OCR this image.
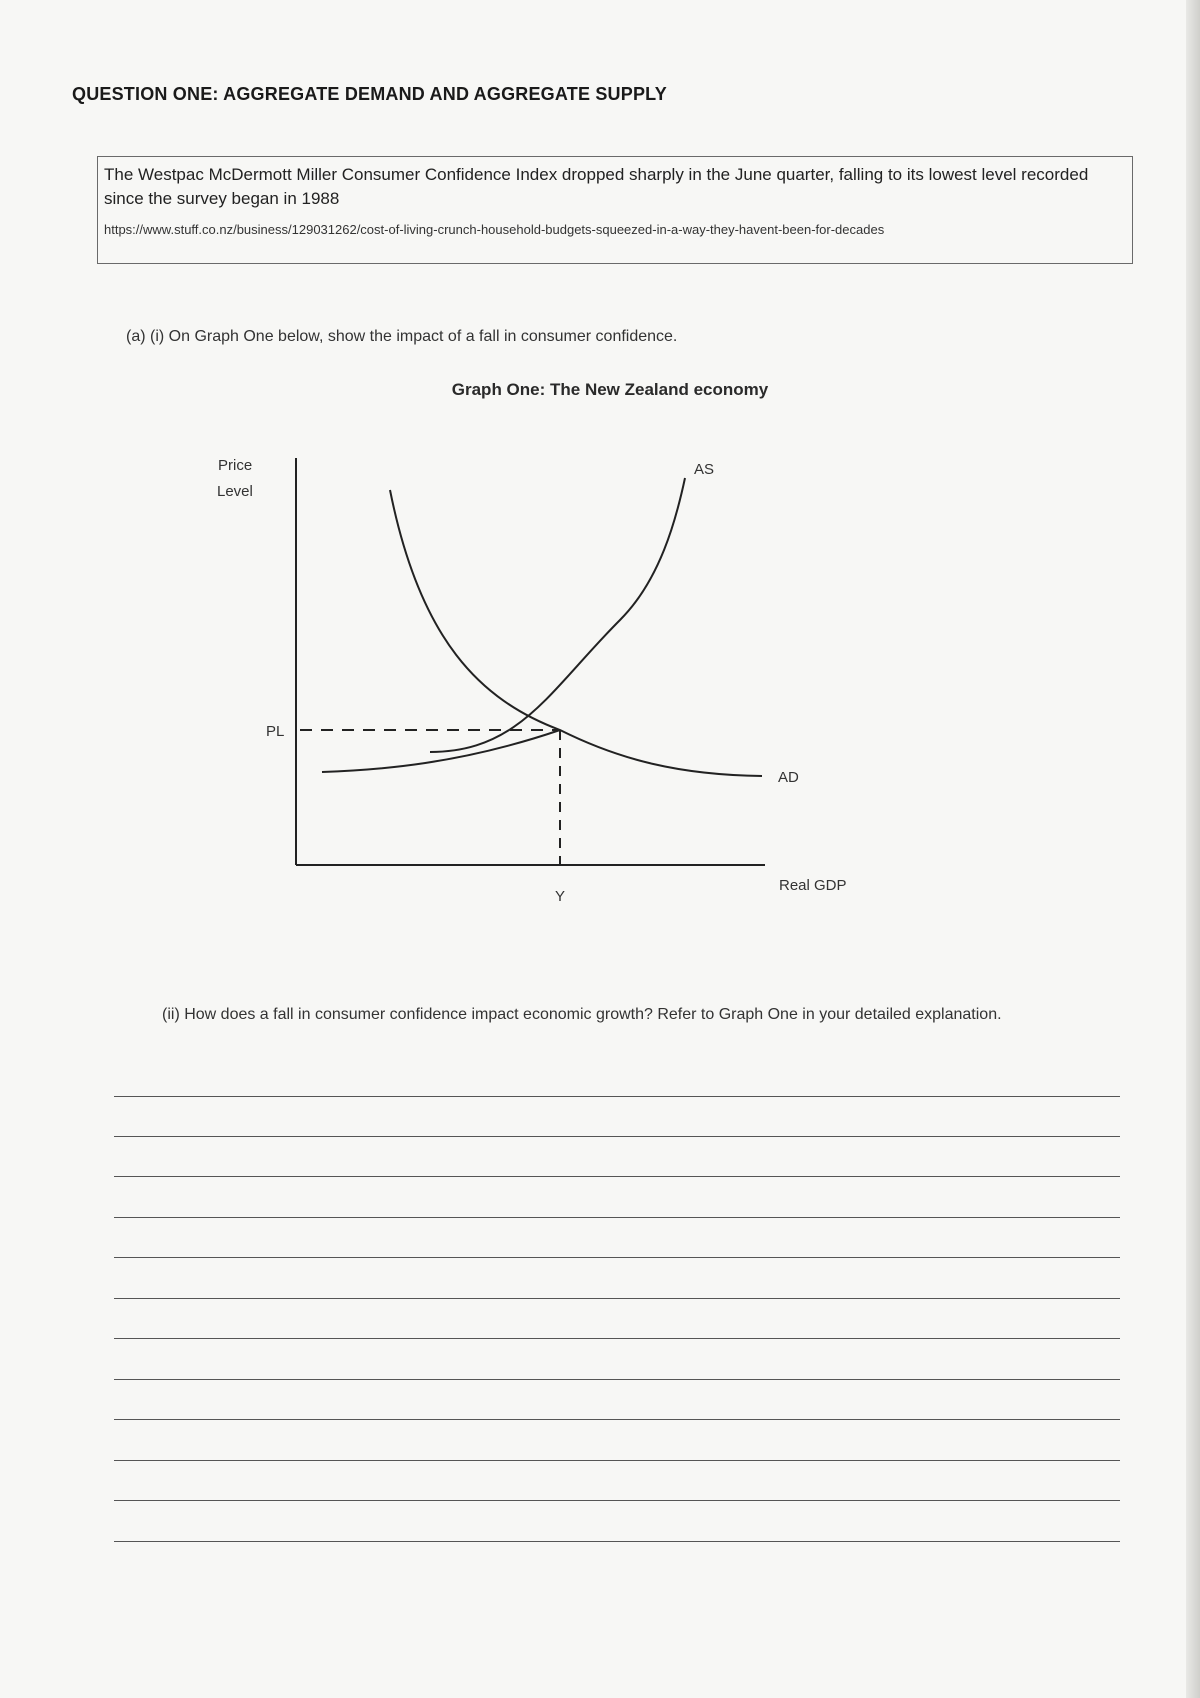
QUESTION ONE: AGGREGATE DEMAND AND AGGREGATE SUPPLY

The Westpac McDermott Miller Consumer Confidence Index dropped sharply in the June quarter, falling to its lowest level recorded since the survey began in 1988

https://www.stuff.co.nz/business/129031262/cost-of-living-crunch-household-budgets-squeezed-in-a-way-they-havent-been-for-decades
(a) (i) On Graph One below, show the impact of a fall in consumer confidence.
Graph One: The New Zealand economy
Price
Level
AS
AD
PL
Y
Real GDP
(ii) How does a fall in consumer confidence impact economic growth? Refer to Graph One in your detailed explanation.
